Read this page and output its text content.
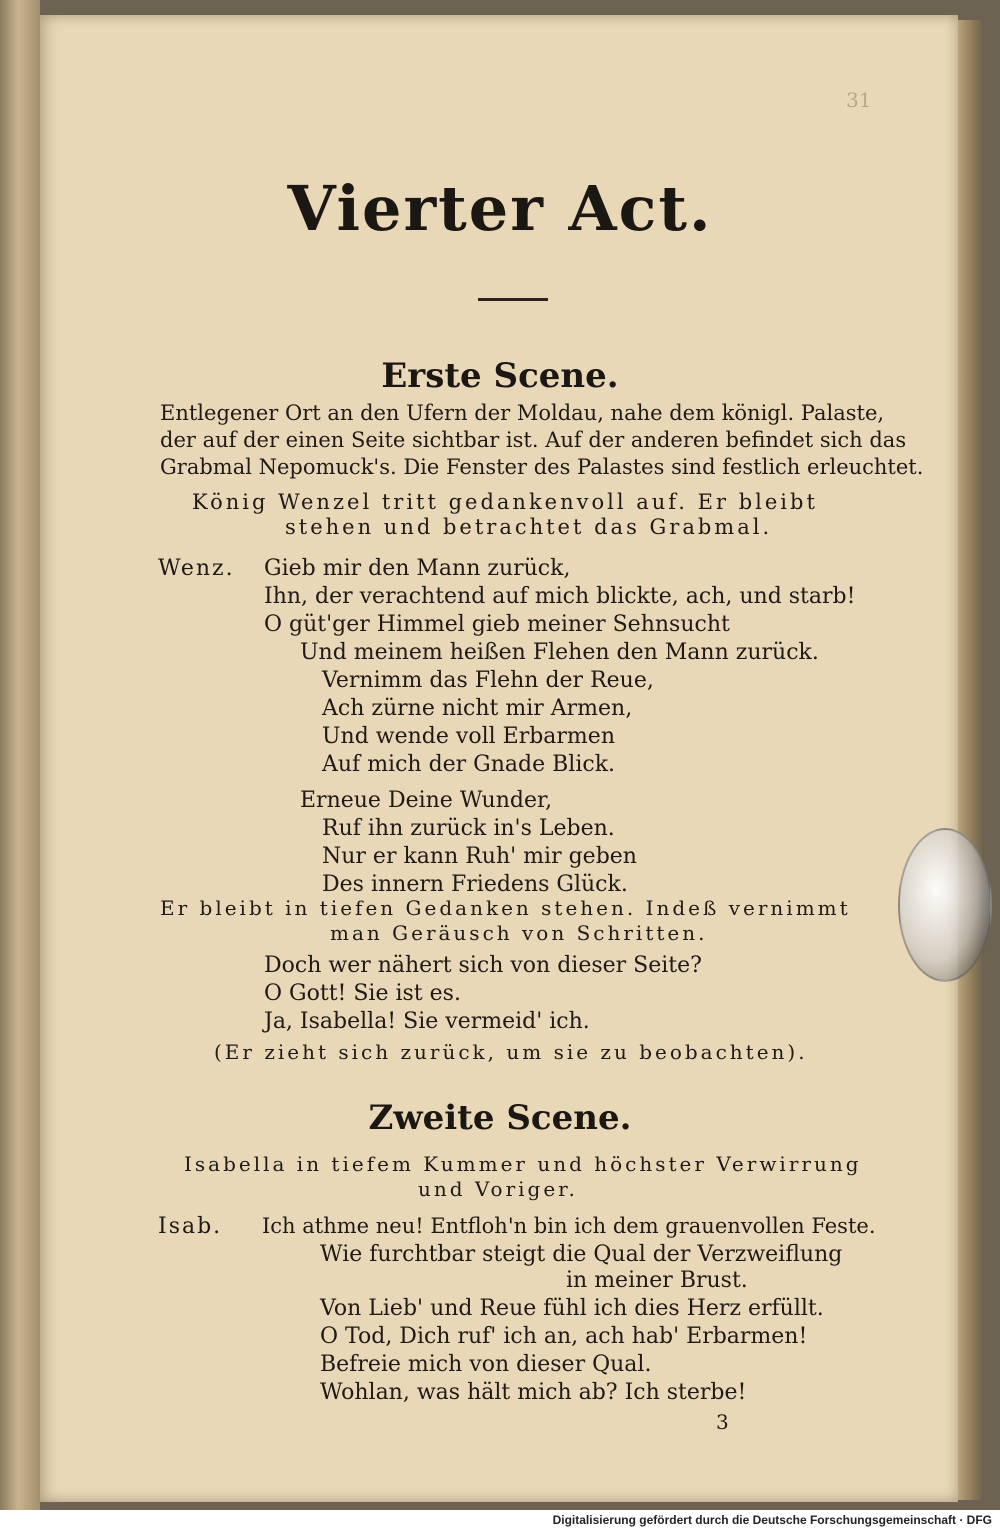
31
Vierter Act.
Erste Scene.
Entlegener Ort an den Ufern der Moldau, nahe dem königl. Palaste,
der auf der einen Seite sichtbar ist. Auf der anderen befindet sich das
Grabmal Nepomuck's. Die Fenster des Palastes sind festlich erleuchtet.
König Wenzel tritt gedankenvoll auf. Er bleibt
stehen und betrachtet das Grabmal.
Wenz. Gieb mir den Mann zurück,
Ihn, der verachtend auf mich blickte, ach, und starb!
O güt'ger Himmel gieb meiner Sehnsucht
Und meinem heißen Flehen den Mann zurück.
Vernimm das Flehn der Reue,
Ach zürne nicht mir Armen,
Und wende voll Erbarmen
Auf mich der Gnade Blick.
Erneue Deine Wunder,
Ruf ihn zurück in's Leben.
Nur er kann Ruh' mir geben
Des innern Friedens Glück.
Er bleibt in tiefen Gedanken stehen. Indeß vernimmt
man Geräusch von Schritten.
Doch wer nähert sich von dieser Seite?
O Gott! Sie ist es.
Ja, Isabella! Sie vermeid' ich.
(Er zieht sich zurück, um sie zu beobachten).
Zweite Scene.
Isabella in tiefem Kummer und höchster Verwirrung
und Voriger.
Isab. Ich athme neu! Entfloh'n bin ich dem grauenvollen Feste.
Wie furchtbar steigt die Qual der Verzweiflung
in meiner Brust.
Von Lieb' und Reue fühl ich dies Herz erfüllt.
O Tod, Dich ruf' ich an, ach hab' Erbarmen!
Befreie mich von dieser Qual.
Wohlan, was hält mich ab? Ich sterbe!
3
Digitalisierung gefördert durch die Deutsche Forschungsgemeinschaft · DFG
